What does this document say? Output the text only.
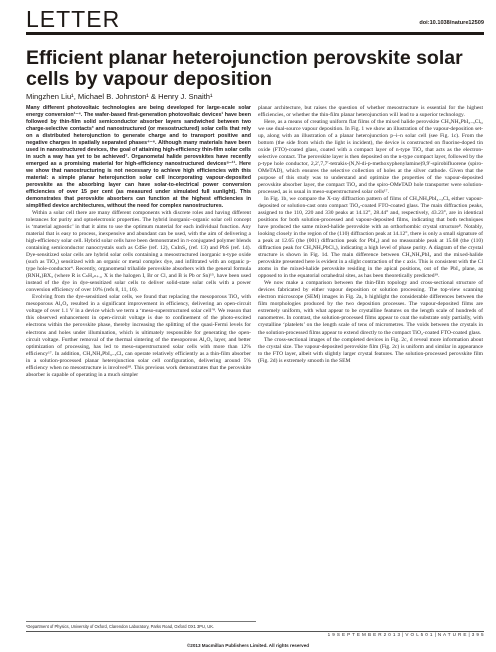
LETTER	doi:10.1038/nature12509
Efficient planar heterojunction perovskite solar cells by vapour deposition
Mingzhen Liu¹, Michael B. Johnston¹ & Henry J. Snaith¹

Many different photovoltaic technologies are being developed for large-scale solar energy conversion¹⁻⁴. The wafer-based first-generation photovoltaic devices¹ have been followed by thin-film solid semiconductor absorber layers sandwiched between two charge-selective contacts³ and nanostructured (or mesostructured) solar cells that rely on a distributed heterojunction to generate charge and to transport positive and negative charges in spatially separated phases⁴⁻⁶. Although many materials have been used in nanostructured devices, the goal of attaining high-efficiency thin-film solar cells in such a way has yet to be achieved⁷. Organometal halide perovskites have recently emerged as a promising material for high-efficiency nanostructured devices⁸⁻¹¹. Here we show that nanostructuring is not necessary to achieve high efficiencies with this material: a simple planar heterojunction solar cell incorporating vapour-deposited perovskite as the absorbing layer can have solar-to-electrical power conversion efficiencies of over 15 per cent (as measured under simulated full sunlight). This demonstrates that perovskite absorbers can function at the highest efficiencies in simplified device architectures, without the need for complex nanostructures.

Within a solar cell there are many different components with discrete roles and having different tolerances for purity and optoelectronic properties. The hybrid inorganic–organic solar cell concept is ‘material agnostic’ in that it aims to use the optimum material for each individual function. Any material that is easy to process, inexpensive and abundant can be used, with the aim of delivering a high-efficiency solar cell. Hybrid solar cells have been demonstrated in π-conjugated polymer blends containing semiconductor nanocrystals such as CdSe (ref. 12), CuInS₂ (ref. 13) and PbS (ref. 14). Dye-sensitized solar cells are hybrid solar cells containing a mesostructured inorganic n-type oxide (such as TiO₂) sensitized with an organic or metal complex dye, and infiltrated with an organic p-type hole-conductor⁴. Recently, organometal trihalide perovskite absorbers with the general formula (RNH₃)BX₃ (where R is CₙH₂ₙ₊₁, X is the halogen I, Br or Cl, and B is Pb or Sn)¹⁵, have been used instead of the dye in dye-sensitized solar cells to deliver solid-state solar cells with a power conversion efficiency of over 10% (refs 8, 11, 16).

Evolving from the dye-sensitized solar cells, we found that replacing the mesoporous TiO₂ with mesoporous Al₂O₃ resulted in a significant improvement in efficiency, delivering an open-circuit voltage of over 1.1 V in a device which we term a ‘meso-superstructured solar cell’⁸. We reason that this observed enhancement in open-circuit voltage is due to confinement of the photo-excited electrons within the perovskite phase, thereby increasing the splitting of the quasi-Fermi levels for electrons and holes under illumination, which is ultimately responsible for generating the open-circuit voltage. Further removal of the thermal sintering of the mesoporous Al₂O₃ layer, and better optimization of processing, has led to meso-superstructured solar cells with more than 12% efficiency¹⁷. In addition, CH₃NH₃PbI₃₋ₓClₓ can operate relatively efficiently as a thin-film absorber in a solution-processed planar heterojunction solar cell configuration, delivering around 5% efficiency when no mesostructure is involved¹⁸. This previous work demonstrates that the perovskite absorber is capable of operating in a much simpler

planar architecture, but raises the question of whether mesostructure is essential for the highest efficiencies, or whether the thin-film planar heterojunction will lead to a superior technology.

Here, as a means of creating uniform flat films of the mixed halide perovskite CH₃NH₃PbI₃₋ₓClₓ, we use dual-source vapour deposition. In Fig. 1 we show an illustration of the vapour-deposition set-up, along with an illustration of a planar heterojunction p–i–n solar cell (see Fig. 1c). From the bottom (the side from which the light is incident), the device is constructed on fluorine-doped tin oxide (FTO)-coated glass, coated with a compact layer of n-type TiO₂ that acts as the electron-selective contact. The perovskite layer is then deposited on the n-type compact layer, followed by the p-type hole conductor, 2,2′,7,7′-tetrakis-(N,N-di-p-methoxyphenylamine)9,9′-spirobifluorene (spiro-OMeTAD), which ensures the selective collection of holes at the silver cathode. Given that the purpose of this study was to understand and optimize the properties of the vapour-deposited perovskite absorber layer, the compact TiO₂ and the spiro-OMeTAD hole transporter were solution-processed, as is usual in meso-superstructured solar cells¹⁷.

In Fig. 1b, we compare the X-ray diffraction pattern of films of CH₃NH₃PbI₃₋ₓClₓ either vapour-deposited or solution-cast onto compact TiO₂-coated FTO-coated glass. The main diffraction peaks, assigned to the 110, 220 and 330 peaks at 14.12°, 28.44° and, respectively, 43.23°, are in identical positions for both solution-processed and vapour-deposited films, indicating that both techniques have produced the same mixed-halide perovskite with an orthorhombic crystal structure⁸. Notably, looking closely in the region of the (110) diffraction peak at 14.12°, there is only a small signature of a peak at 12.65 (the (001) diffraction peak for PbI₂) and no measurable peak at 15.68 (the (110) diffraction peak for CH₃NH₃PbCl₃), indicating a high level of phase purity. A diagram of the crystal structure is shown in Fig. 1d. The main difference between CH₃NH₃PbI₃ and the mixed-halide perovskite presented here is evident in a slight contraction of the c axis. This is consistent with the Cl atoms in the mixed-halide perovskite residing in the apical positions, out of the PbI₄ plane, as opposed to in the equatorial octahedral sites, as has been theoretically predicted¹⁹.

We now make a comparison between the thin-film topology and cross-sectional structure of devices fabricated by either vapour deposition or solution processing. The top-view scanning electron microscope (SEM) images in Fig. 2a, b highlight the considerable differences between the film morphologies produced by the two deposition processes. The vapour-deposited films are extremely uniform, with what appear to be crystalline features on the length scale of hundreds of nanometres. In contrast, the solution-processed films appear to coat the substrate only partially, with crystalline ‘platelets’ on the length scale of tens of micrometres. The voids between the crystals in the solution-processed films appear to extend directly to the compact TiO₂-coated FTO-coated glass.

The cross-sectional images of the completed devices in Fig. 2c, d reveal more information about the crystal size. The vapour-deposited perovskite film (Fig. 2c) is uniform and similar in appearance to the FTO layer, albeit with slightly larger crystal features. The solution-processed perovskite film (Fig. 2d) is extremely smooth in the SEM

¹Department of Physics, University of Oxford, Clarendon Laboratory, Parks Road, Oxford OX1 3PU, UK.
1 9 S E P T E M B E R 2 0 1 3 | V O L 5 0 1 | N A T U R E | 3 9 5
©2013 Macmillan Publishers Limited. All rights reserved
